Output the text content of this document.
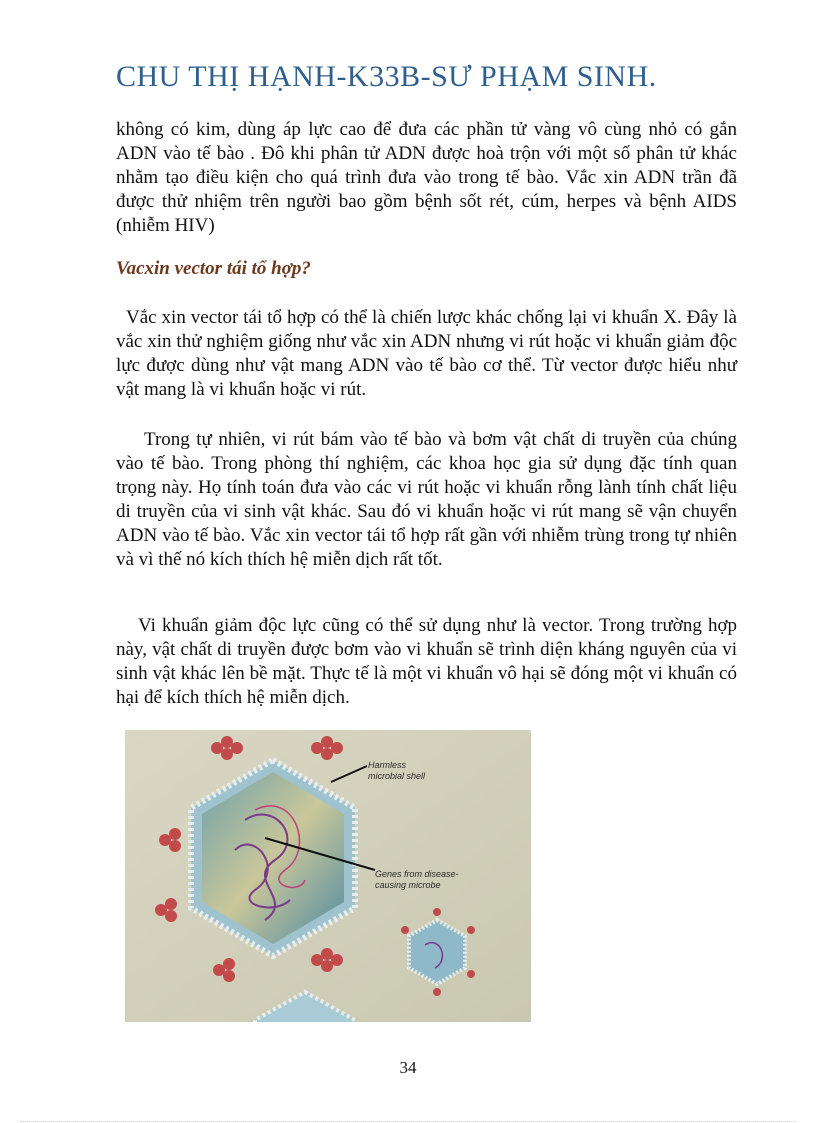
CHU THỊ HẠNH-K33B-SƯ PHẠM SINH.

không có kim, dùng áp lực cao để đưa các phần tử vàng vô cùng nhỏ có gắn ADN vào tế bào . Đô khi phân tử ADN được hoà trộn với một số phân tử khác nhằm tạo điều kiện cho quá trình đưa vào trong tế bào. Vắc xin ADN trần đã được thử nhiệm trên người bao gồm bệnh sốt rét, cúm, herpes và bệnh AIDS (nhiễm HIV)

Vacxin vector tái tổ hợp?

Vắc xin vector tái tổ hợp có thể là chiến lược khác chống lại vi khuẩn X. Đây là vắc xin thử nghiệm giống như vắc xin ADN nhưng vi rút hoặc vi khuẩn giảm độc lực được dùng như vật mang ADN vào tế bào cơ thể. Từ vector được hiểu như vật mang là vi khuẩn hoặc vi rút.

Trong tự nhiên, vi rút bám vào tế bào và bơm vật chất di truyền của chúng vào tế bào. Trong phòng thí nghiệm, các khoa học gia sử dụng đặc tính quan trọng này. Họ tính toán đưa vào các vi rút hoặc vi khuẩn rỗng lành tính chất liệu di truyền của vi sinh vật khác. Sau đó vi khuẩn hoặc vi rút mang sẽ vận chuyển ADN vào tế bào. Vắc xin vector tái tổ hợp rất gần với nhiễm trùng trong tự nhiên và vì thế nó kích thích hệ miễn dịch rất tốt.

Vi khuẩn giảm độc lực cũng có thể sử dụng như là vector. Trong trường hợp này, vật chất di truyền được bơm vào vi khuẩn sẽ trình diện kháng nguyên của vi sinh vật khác lên bề mặt. Thực tế là một vi khuẩn vô hại sẽ đóng một vi khuẩn có hại để kích thích hệ miễn dịch.

Harmless
microbial shell
Genes from disease-
causing microbe
34
